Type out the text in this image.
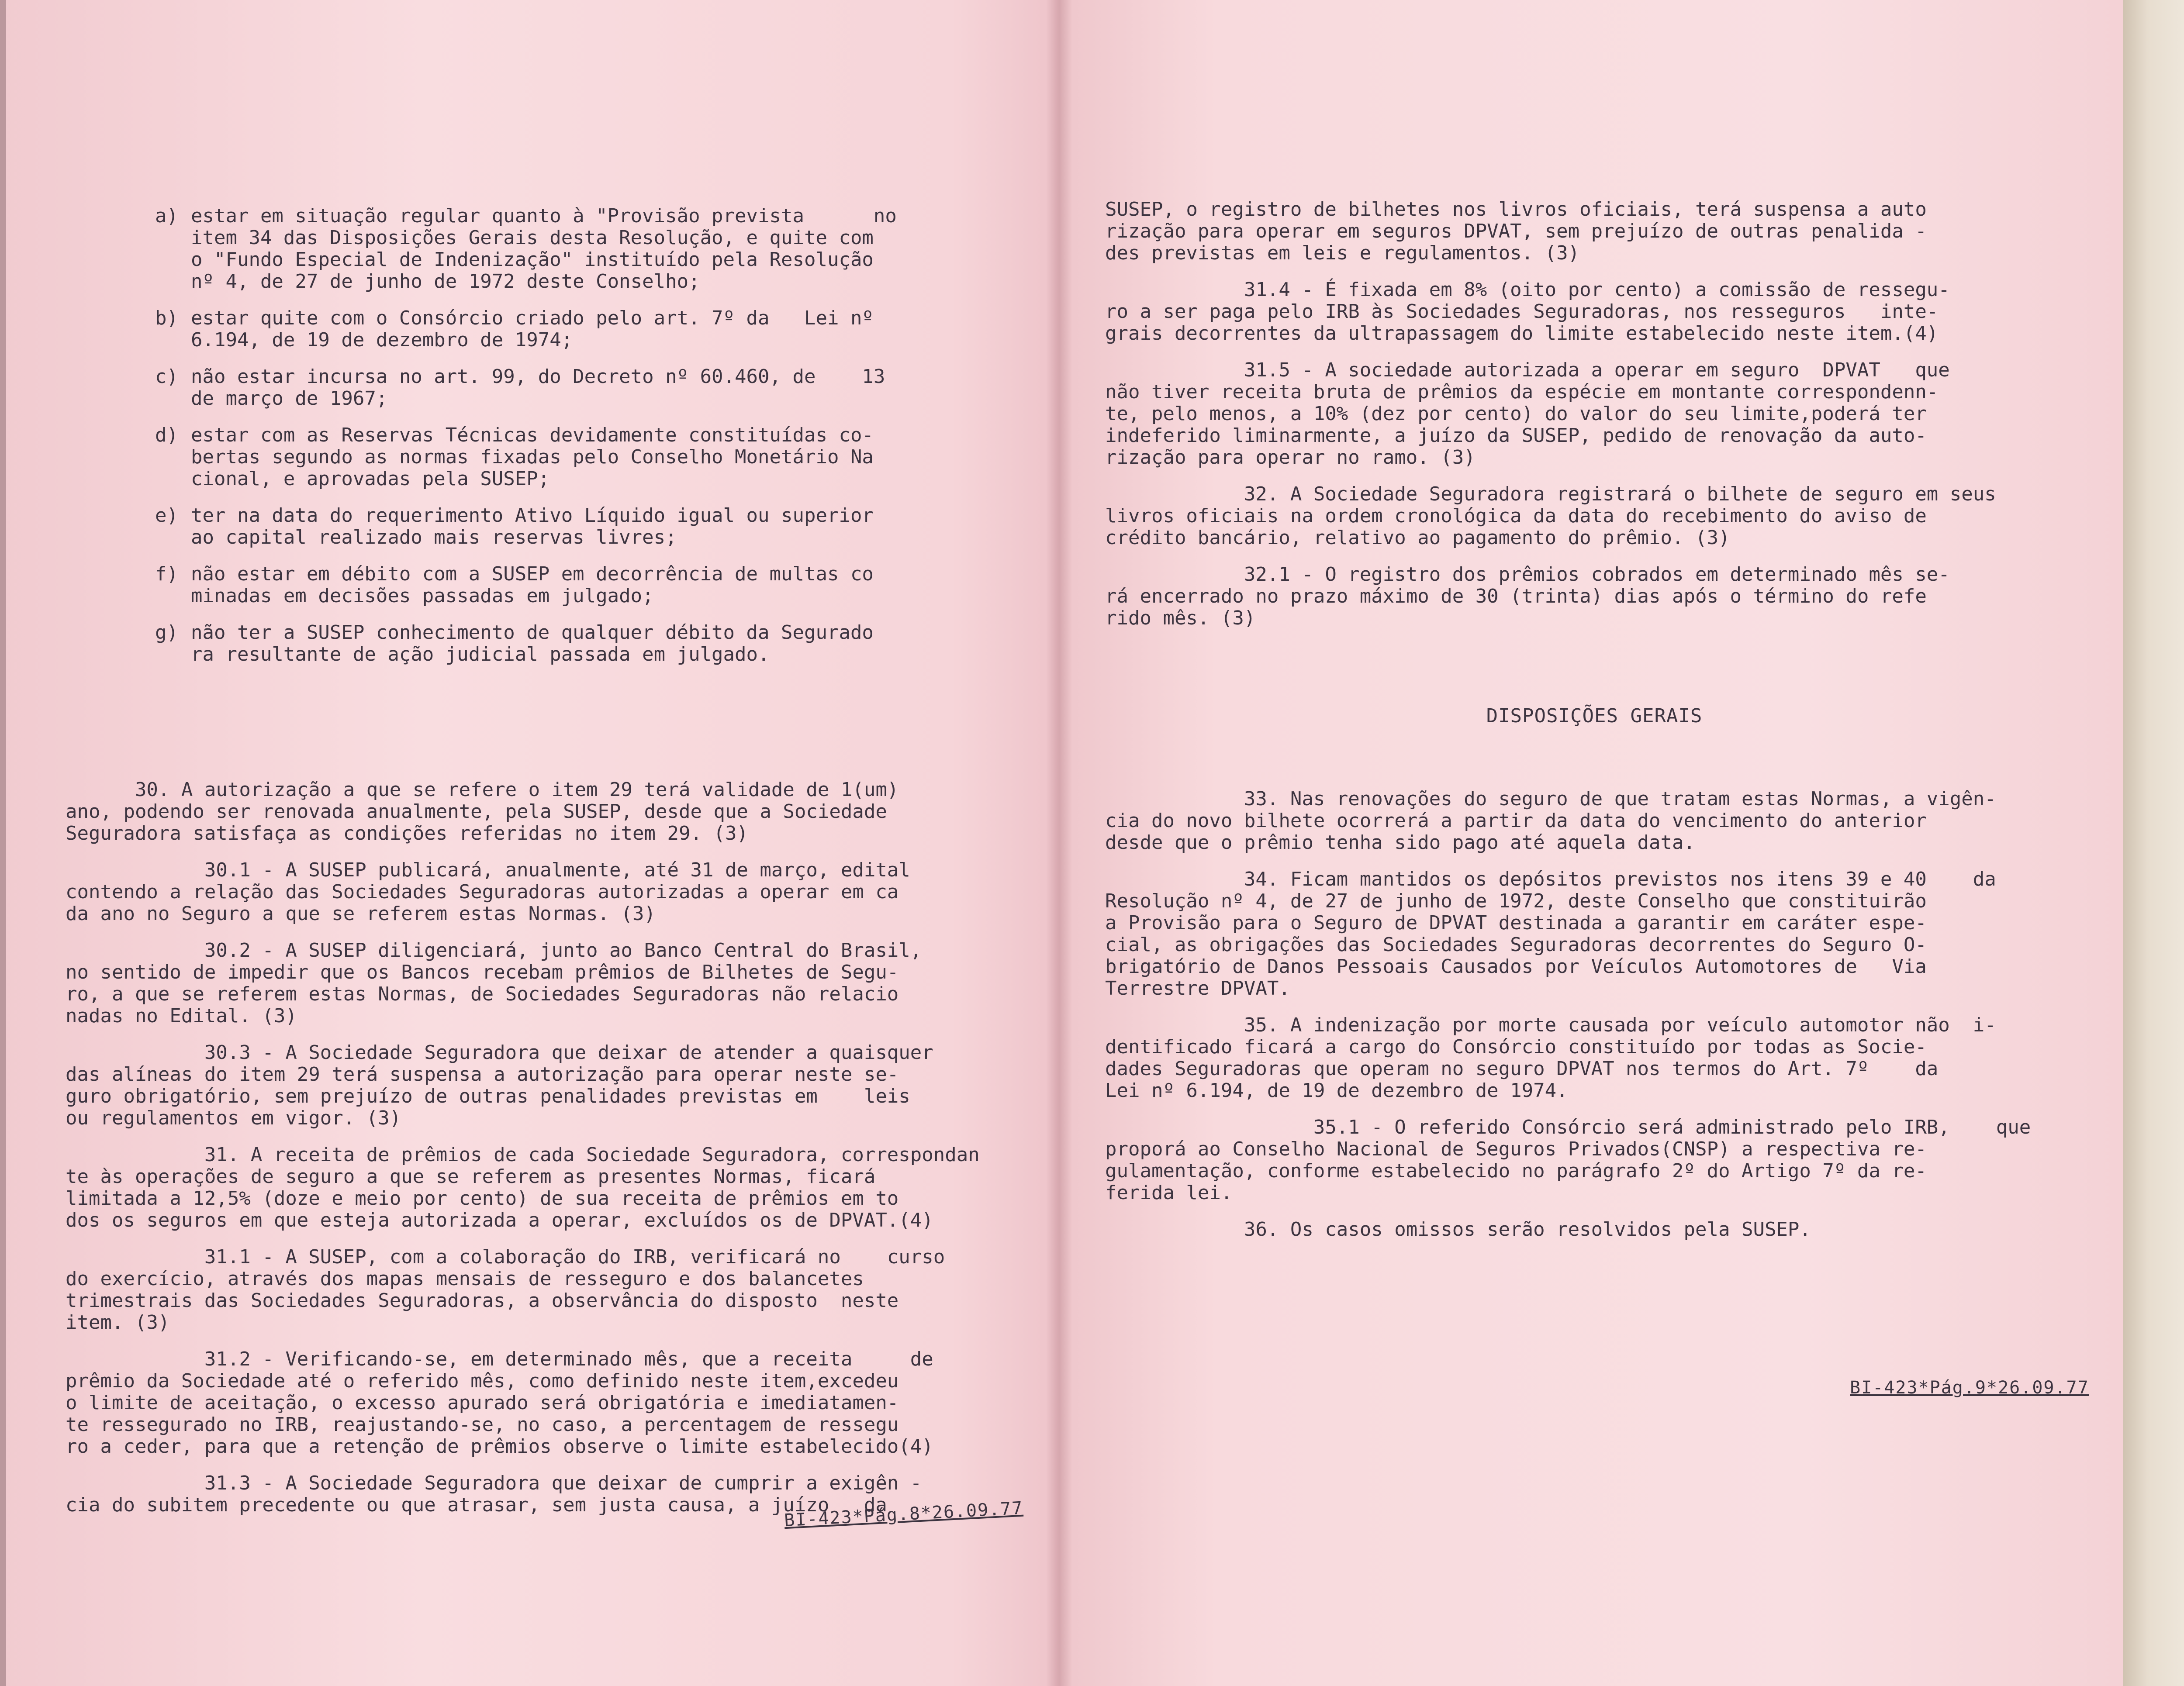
a) estar em situação regular quanto à "Provisão prevista      no
item 34 das Disposições Gerais desta Resolução, e quite com
o "Fundo Especial de Indenização" instituído pela Resolução
nº 4, de 27 de junho de 1972 deste Conselho;
b) estar quite com o Consórcio criado pelo art. 7º da   Lei nº
6.194, de 19 de dezembro de 1974;
c) não estar incursa no art. 99, do Decreto nº 60.460, de    13
de março de 1967;
d) estar com as Reservas Técnicas devidamente constituídas co-
bertas segundo as normas fixadas pelo Conselho Monetário Na
cional, e aprovadas pela SUSEP;
e) ter na data do requerimento Ativo Líquido igual ou superior
ao capital realizado mais reservas livres;
f) não estar em débito com a SUSEP em decorrência de multas co
minadas em decisões passadas em julgado;
g) não ter a SUSEP conhecimento de qualquer débito da Segurado
ra resultante de ação judicial passada em julgado.

30. A autorização a que se refere o item 29 terá validade de 1(um)
ano, podendo ser renovada anualmente, pela SUSEP, desde que a Sociedade
Seguradora satisfaça as condições referidas no item 29. (3)
30.1 - A SUSEP publicará, anualmente, até 31 de março, edital
contendo a relação das Sociedades Seguradoras autorizadas a operar em ca
da ano no Seguro a que se referem estas Normas. (3)
30.2 - A SUSEP diligenciará, junto ao Banco Central do Brasil,
no sentido de impedir que os Bancos recebam prêmios de Bilhetes de Segu-
ro, a que se referem estas Normas, de Sociedades Seguradoras não relacio
nadas no Edital. (3)
30.3 - A Sociedade Seguradora que deixar de atender a quaisquer
das alíneas do item 29 terá suspensa a autorização para operar neste se-
guro obrigatório, sem prejuízo de outras penalidades previstas em    leis
ou regulamentos em vigor. (3)
31. A receita de prêmios de cada Sociedade Seguradora, correspondan
te às operações de seguro a que se referem as presentes Normas, ficará
limitada a 12,5% (doze e meio por cento) de sua receita de prêmios em to
dos os seguros em que esteja autorizada a operar, excluídos os de DPVAT.(4)
31.1 - A SUSEP, com a colaboração do IRB, verificará no    curso
do exercício, através dos mapas mensais de resseguro e dos balancetes
trimestrais das Sociedades Seguradoras, a observância do disposto  neste
item. (3)
31.2 - Verificando-se, em determinado mês, que a receita     de
prêmio da Sociedade até o referido mês, como definido neste item,excedeu
o limite de aceitação, o excesso apurado será obrigatória e imediatamen-
te ressegurado no IRB, reajustando-se, no caso, a percentagem de ressegu
ro a ceder, para que a retenção de prêmios observe o limite estabelecido(4)
31.3 - A Sociedade Seguradora que deixar de cumprir a exigên -
cia do subitem precedente ou que atrasar, sem justa causa, a juízo   da

BI-423*Pág.8*26.09.77

SUSEP, o registro de bilhetes nos livros oficiais, terá suspensa a auto
rização para operar em seguros DPVAT, sem prejuízo de outras penalida -
des previstas em leis e regulamentos. (3)
31.4 - É fixada em 8% (oito por cento) a comissão de ressegu-
ro a ser paga pelo IRB às Sociedades Seguradoras, nos resseguros   inte-
grais decorrentes da ultrapassagem do limite estabelecido neste item.(4)
31.5 - A sociedade autorizada a operar em seguro  DPVAT   que
não tiver receita bruta de prêmios da espécie em montante correspondenn-
te, pelo menos, a 10% (dez por cento) do valor do seu limite,poderá ter
indeferido liminarmente, a juízo da SUSEP, pedido de renovação da auto-
rização para operar no ramo. (3)
32. A Sociedade Seguradora registrará o bilhete de seguro em seus
livros oficiais na ordem cronológica da data do recebimento do aviso de
crédito bancário, relativo ao pagamento do prêmio. (3)
32.1 - O registro dos prêmios cobrados em determinado mês se-
rá encerrado no prazo máximo de 30 (trinta) dias após o término do refe
rido mês. (3)

DISPOSIÇÕES GERAIS

33. Nas renovações do seguro de que tratam estas Normas, a vigên-
cia do novo bilhete ocorrerá a partir da data do vencimento do anterior
desde que o prêmio tenha sido pago até aquela data.
34. Ficam mantidos os depósitos previstos nos itens 39 e 40    da
Resolução nº 4, de 27 de junho de 1972, deste Conselho que constituirão
a Provisão para o Seguro de DPVAT destinada a garantir em caráter espe-
cial, as obrigações das Sociedades Seguradoras decorrentes do Seguro O-
brigatório de Danos Pessoais Causados por Veículos Automotores de   Via
Terrestre DPVAT.
35. A indenização por morte causada por veículo automotor não  i-
dentificado ficará a cargo do Consórcio constituído por todas as Socie-
dades Seguradoras que operam no seguro DPVAT nos termos do Art. 7º    da
Lei nº 6.194, de 19 de dezembro de 1974.
35.1 - O referido Consórcio será administrado pelo IRB,    que
proporá ao Conselho Nacional de Seguros Privados(CNSP) a respectiva re-
gulamentação, conforme estabelecido no parágrafo 2º do Artigo 7º da re-
ferida lei.
36. Os casos omissos serão resolvidos pela SUSEP.

BI-423*Pág.9*26.09.77
